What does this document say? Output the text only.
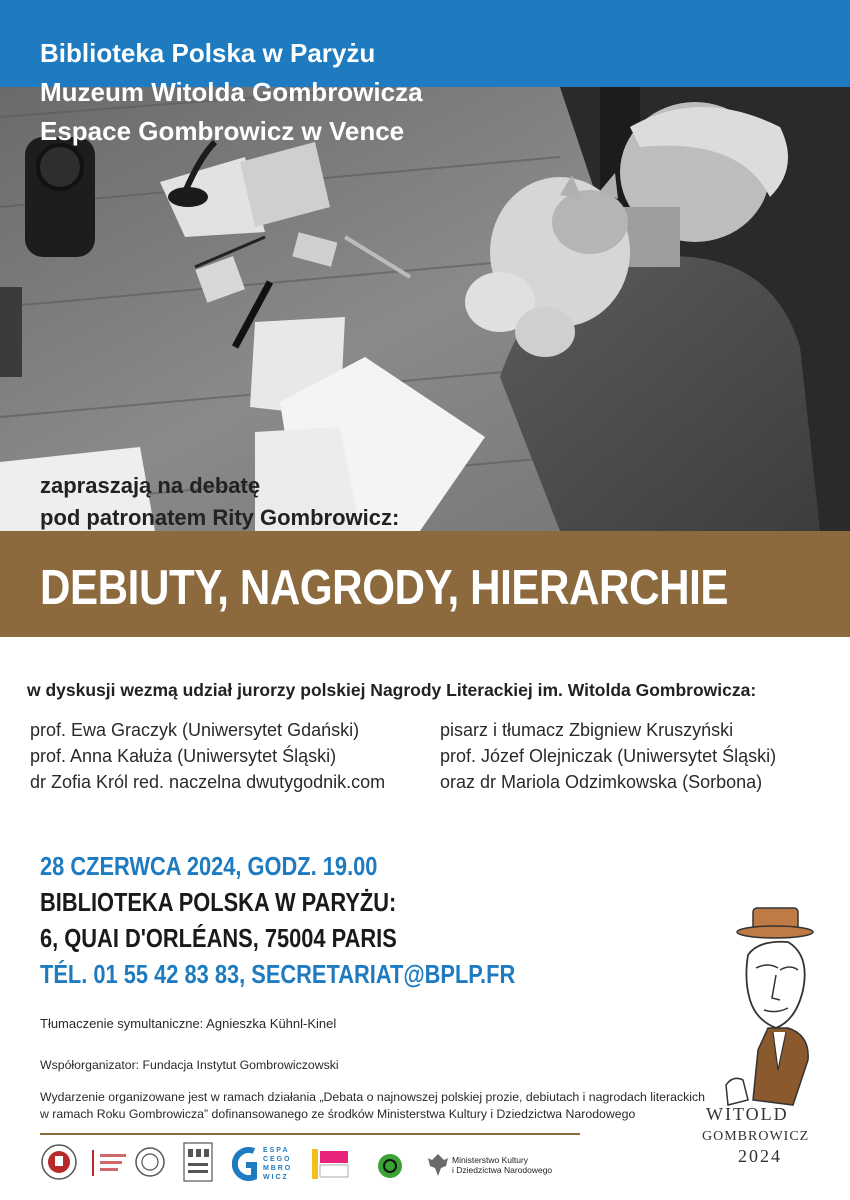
Biblioteka Polska w Paryżu
Muzeum Witolda Gombrowicza
Espace Gombrowicz w Vence
zapraszają na debatę
pod patronatem Rity Gombrowicz:
DEBIUTY, NAGRODY, HIERARCHIE
w dyskusji wezmą udział jurorzy polskiej Nagrody Literackiej im. Witolda Gombrowicza:
prof. Ewa Graczyk (Uniwersytet Gdański)
prof. Anna Kałuża (Uniwersytet Śląski)
dr Zofia Król red. naczelna dwutygodnik.com
pisarz i tłumacz Zbigniew Kruszyński
prof. Józef Olejniczak (Uniwersytet Śląski)
oraz dr Mariola Odzimkowska (Sorbona)
28 CZERWCA 2024, GODZ. 19.00
BIBLIOTEKA POLSKA W PARYŻU:
6, QUAI D'ORLÉANS, 75004 PARIS
TÉL. 01 55 42 83 83, SECRETARIAT@BPLP.FR
Tłumaczenie symultaniczne: Agnieszka Kühnl-Kinel
Współorganizator: Fundacja Instytut Gombrowiczowski
Wydarzenie organizowane jest w ramach działania „Debata o najnowszej polskiej prozie, debiutach i nagrodach literackich
w ramach Roku Gombrowicza” dofinansowanego ze środków Ministerstwa Kultury i Dziedzictwa Narodowego
E S P A
C E G O
M B R O
W I C Z
Ministerstwo Kultury
i Dziedzictwa Narodowego
WITOLD
GOMBROWICZ
2024
